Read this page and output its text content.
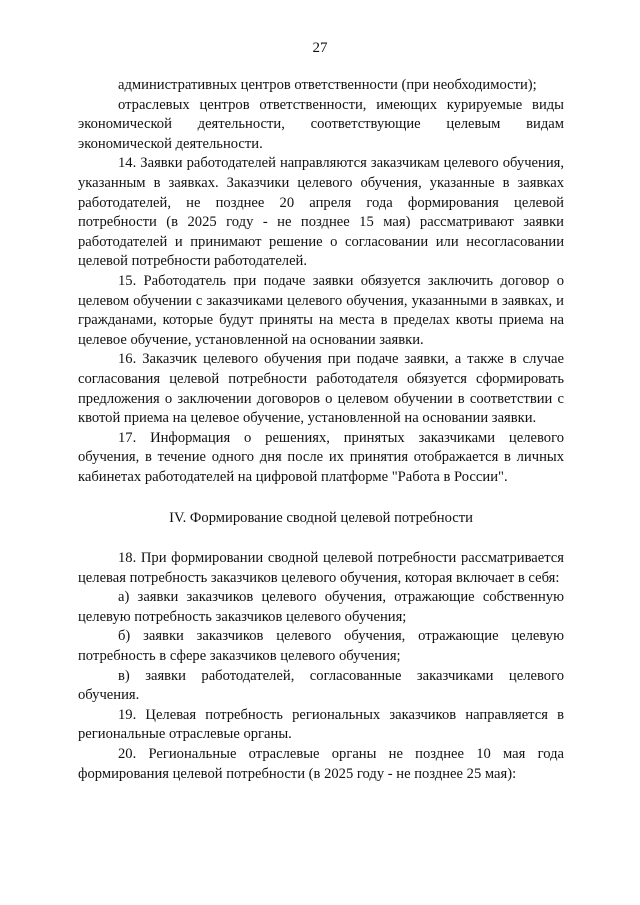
27

административных центров ответственности (при необходимости);

отраслевых центров ответственности, имеющих курируемые виды экономической деятельности, соответствующие целевым видам экономической деятельности.

14. Заявки работодателей направляются заказчикам целевого обучения, указанным в заявках. Заказчики целевого обучения, указанные в заявках работодателей, не позднее 20 апреля года формирования целевой потребности (в 2025 году - не позднее 15 мая) рассматривают заявки работодателей и принимают решение о согласовании или несогласовании целевой потребности работодателей.

15. Работодатель при подаче заявки обязуется заключить договор о целевом обучении с заказчиками целевого обучения, указанными в заявках, и гражданами, которые будут приняты на места в пределах квоты приема на целевое обучение, установленной на основании заявки.

16. Заказчик целевого обучения при подаче заявки, а также в случае согласования целевой потребности работодателя обязуется сформировать предложения о заключении договоров о целевом обучении в соответствии с квотой приема на целевое обучение, установленной на основании заявки.

17. Информация о решениях, принятых заказчиками целевого обучения, в течение одного дня после их принятия отображается в личных кабинетах работодателей на цифровой платформе "Работа в России".

IV. Формирование сводной целевой потребности

18. При формировании сводной целевой потребности рассматривается целевая потребность заказчиков целевого обучения, которая включает в себя:

а) заявки заказчиков целевого обучения, отражающие собственную целевую потребность заказчиков целевого обучения;

б) заявки заказчиков целевого обучения, отражающие целевую потребность в сфере заказчиков целевого обучения;

в) заявки работодателей, согласованные заказчиками целевого обучения.

19. Целевая потребность региональных заказчиков направляется в региональные отраслевые органы.

20. Региональные отраслевые органы не позднее 10 мая года формирования целевой потребности (в 2025 году - не позднее 25 мая):
